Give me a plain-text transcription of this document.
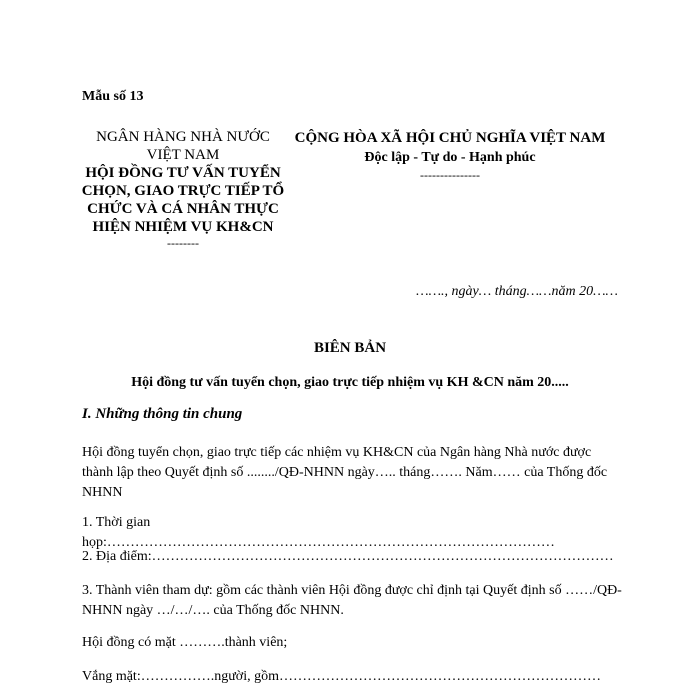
Mẫu số 13
NGÂN HÀNG NHÀ NƯỚC VIỆT NAM
HỘI ĐỒNG TƯ VẤN TUYỂN CHỌN, GIAO TRỰC TIẾP TỔ CHỨC VÀ CÁ NHÂN THỰC HIỆN NHIỆM VỤ KH&CN
--------
CỘNG HÒA XÃ HỘI CHỦ NGHĨA VIỆT NAM
Độc lập - Tự do - Hạnh phúc
---------------
……., ngày… tháng……năm 20……
BIÊN BẢN
Hội đồng tư vấn tuyển chọn, giao trực tiếp nhiệm vụ KH &CN năm 20.....
I. Những thông tin chung
Hội đồng tuyển chọn, giao trực tiếp các nhiệm vụ KH&CN của Ngân hàng Nhà nước được thành lập theo Quyết định số ......../QĐ-NHNN ngày….. tháng……. Năm…… của Thống đốc NHNN
1. Thời gian họp:……………………………………………………………………………………
2. Địa điểm:………………………………………………………………………………………
3. Thành viên tham dự: gồm các thành viên Hội đồng được chỉ định tại Quyết định số ……/QĐ-NHNN ngày …/…/…. của Thống đốc NHNN.
Hội đồng có mặt ……….thành viên;
Vắng mặt:…………….người, gồm……………………………………………………………
